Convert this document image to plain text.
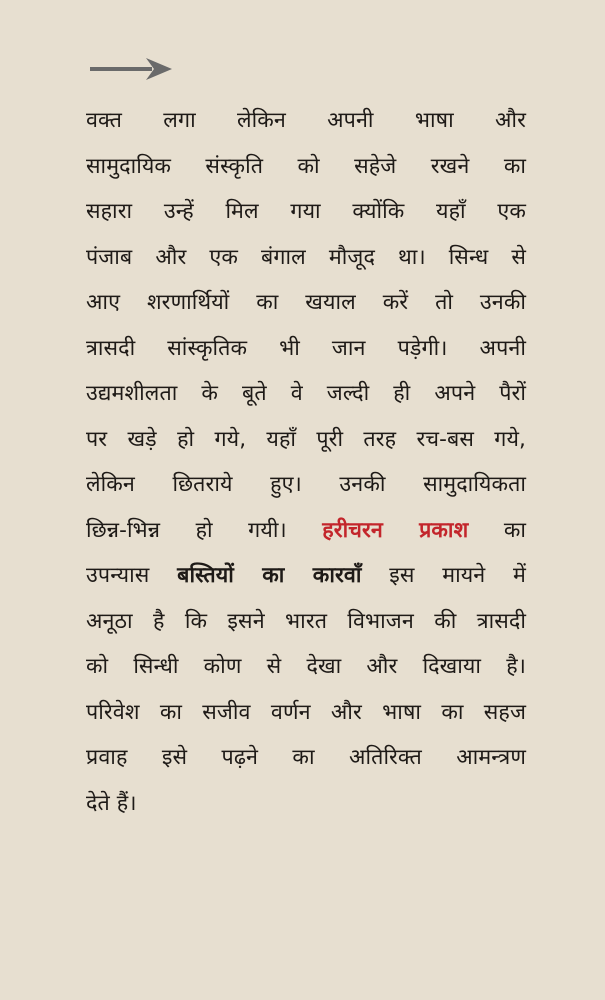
वक्त लगा लेकिन अपनी भाषा और
सामुदायिक संस्कृति को सहेजे रखने का
सहारा उन्हें मिल गया क्योंकि यहाँ एक
पंजाब और एक बंगाल मौजूद था। सिन्ध से
आए शरणार्थियों का खयाल करें तो उनकी
त्रासदी सांस्कृतिक भी जान पड़ेगी। अपनी
उद्यमशीलता के बूते वे जल्दी ही अपने पैरों
पर खड़े हो गये, यहाँ पूरी तरह रच-बस गये,
लेकिन छितराये हुए। उनकी सामुदायिकता
छिन्न-भिन्न हो गयी। हरीचरन प्रकाश का
उपन्यास बस्तियों का कारवाँ इस मायने में
अनूठा है कि इसने भारत विभाजन की त्रासदी
को सिन्धी कोण से देखा और दिखाया है।
परिवेश का सजीव वर्णन और भाषा का सहज
प्रवाह इसे पढ़ने का अतिरिक्त आमन्त्रण
देते हैं।
